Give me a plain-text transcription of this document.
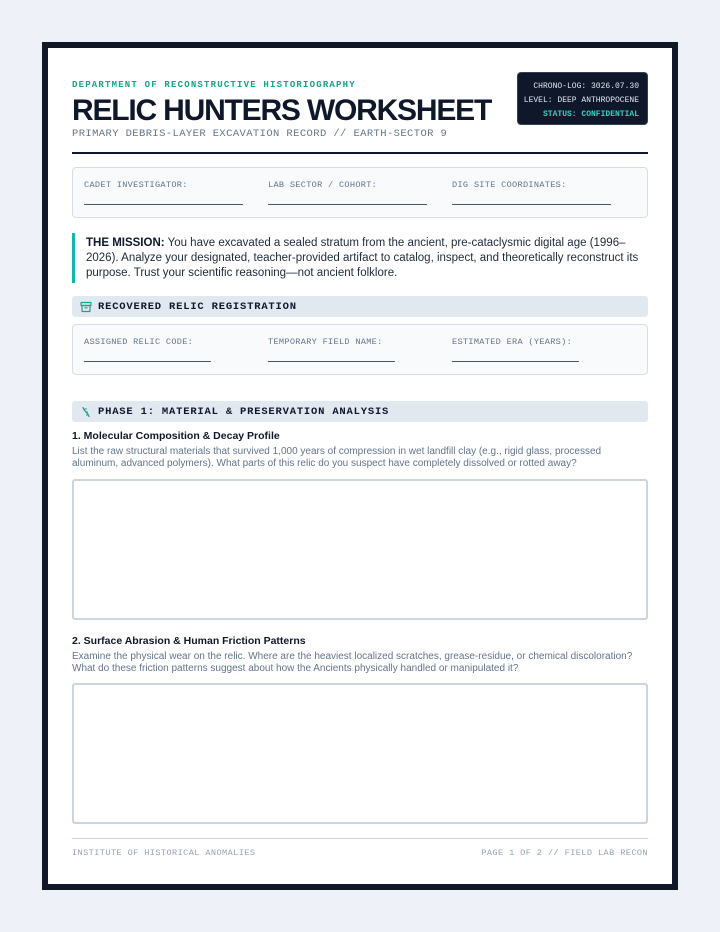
DEPARTMENT OF RECONSTRUCTIVE HISTORIOGRAPHY
RELIC HUNTERS WORKSHEET
PRIMARY DEBRIS-LAYER EXCAVATION RECORD // EARTH-SECTOR 9
CHRONO-LOG: 3026.07.30
LEVEL: DEEP ANTHROPOCENE
STATUS: CONFIDENTIAL
CADET INVESTIGATOR:	LAB SECTOR / COHORT:	DIG SITE COORDINATES:
THE MISSION: You have excavated a sealed stratum from the ancient, pre-cataclysmic digital age (1996–2026). Analyze your designated, teacher-provided artifact to catalog, inspect, and theoretically reconstruct its purpose. Trust your scientific reasoning—not ancient folklore.
RECOVERED RELIC REGISTRATION
ASSIGNED RELIC CODE:	TEMPORARY FIELD NAME:	ESTIMATED ERA (YEARS):
PHASE 1: MATERIAL & PRESERVATION ANALYSIS
1. Molecular Composition & Decay Profile
List the raw structural materials that survived 1,000 years of compression in wet landfill clay (e.g., rigid glass, processed aluminum, advanced polymers). What parts of this relic do you suspect have completely dissolved or rotted away?
2. Surface Abrasion & Human Friction Patterns
Examine the physical wear on the relic. Where are the heaviest localized scratches, grease-residue, or chemical discoloration? What do these friction patterns suggest about how the Ancients physically handled or manipulated it?
INSTITUTE OF HISTORICAL ANOMALIES	PAGE 1 OF 2 // FIELD LAB RECON
